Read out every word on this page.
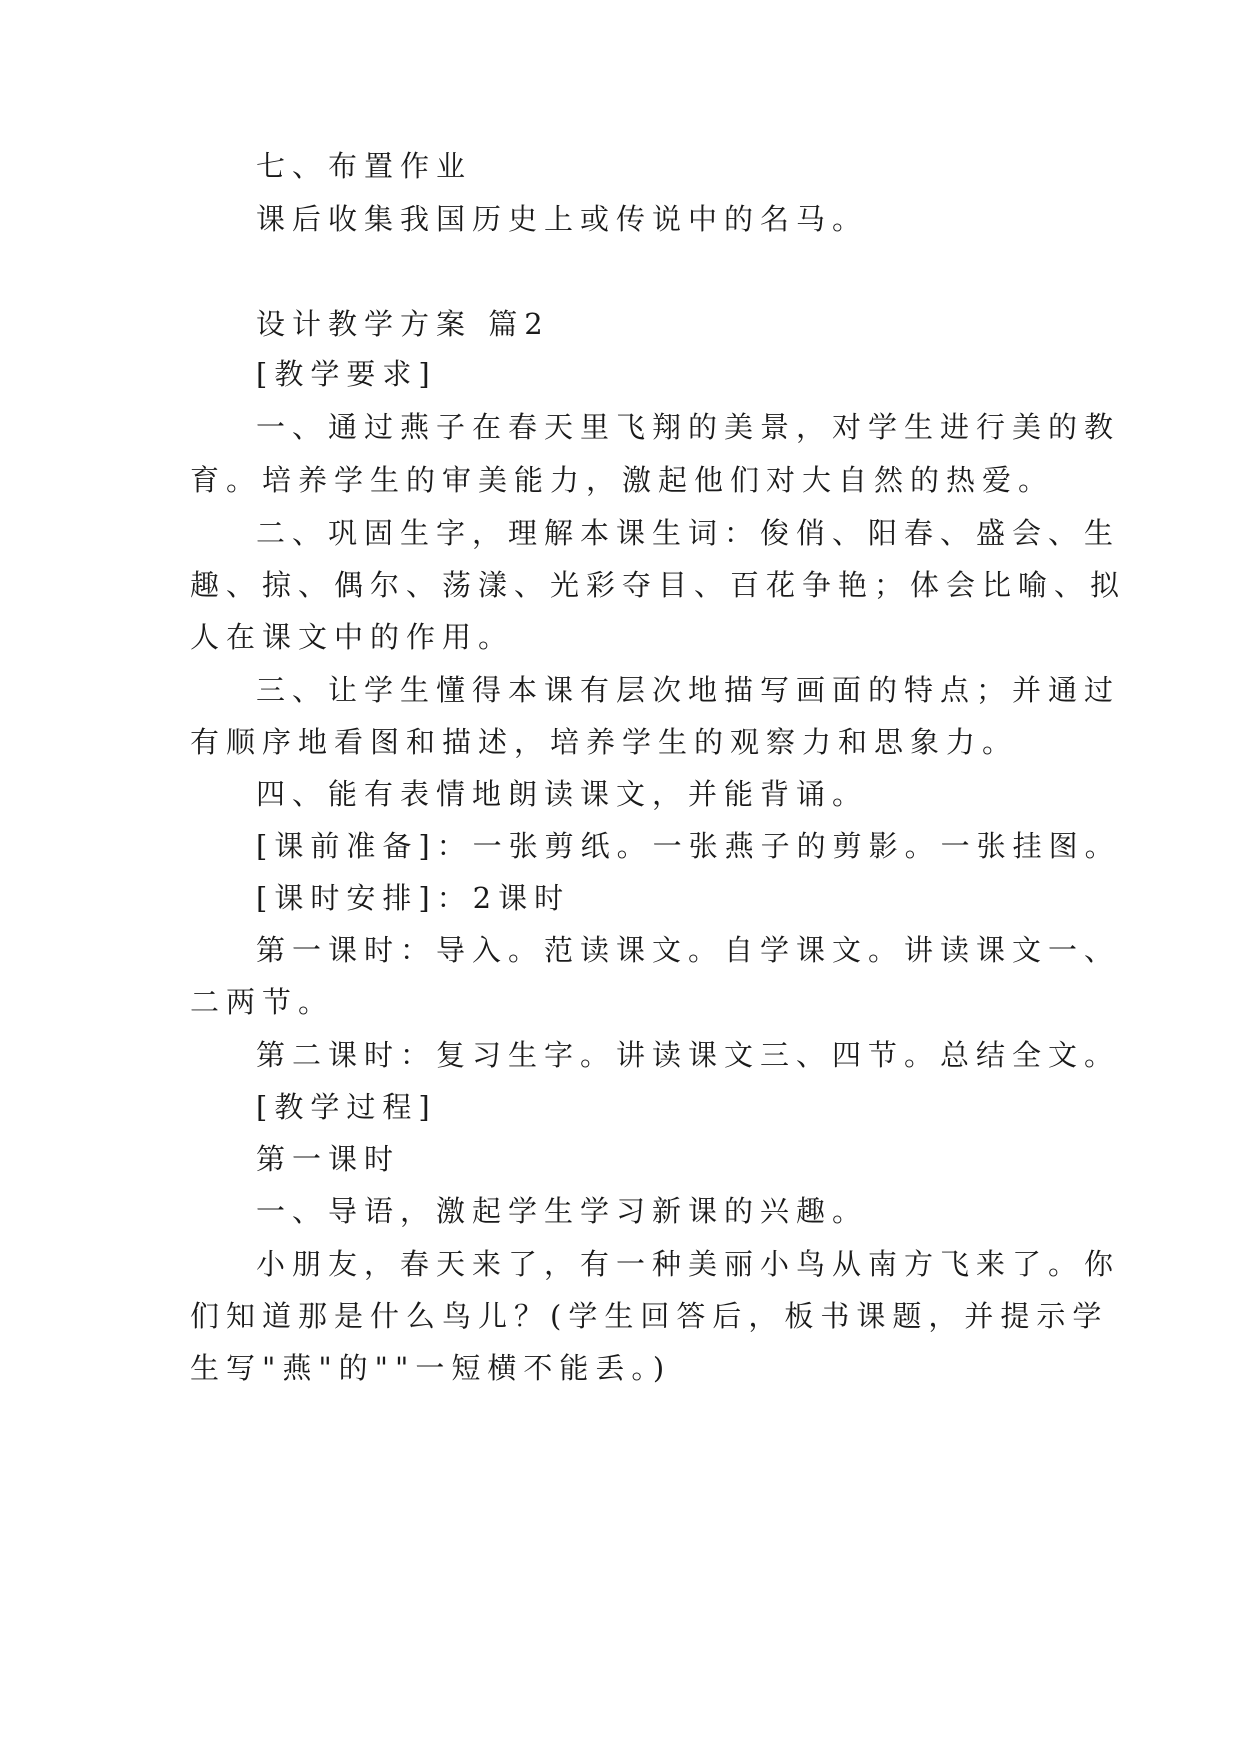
七、布置作业
课后收集我国历史上或传说中的名马。
设计教学方案 篇2
[教学要求]
一、通过燕子在春天里飞翔的美景，对学生进行美的教
育。培养学生的审美能力，激起他们对大自然的热爱。
二、巩固生字，理解本课生词：俊俏、阳春、盛会、生
趣、掠、偶尔、荡漾、光彩夺目、百花争艳；体会比喻、拟
人在课文中的作用。
三、让学生懂得本课有层次地描写画面的特点；并通过
有顺序地看图和描述，培养学生的观察力和思象力。
四、能有表情地朗读课文，并能背诵。
[课前准备]：一张剪纸。一张燕子的剪影。一张挂图。
[课时安排]：2课时
第一课时：导入。范读课文。自学课文。讲读课文一、
二两节。
第二课时：复习生字。讲读课文三、四节。总结全文。
[教学过程]
第一课时
一、导语，激起学生学习新课的兴趣。
小朋友，春天来了，有一种美丽小鸟从南方飞来了。你
们知道那是什么鸟儿？(学生回答后，板书课题，并提示学
生写"燕"的""一短横不能丢。)
